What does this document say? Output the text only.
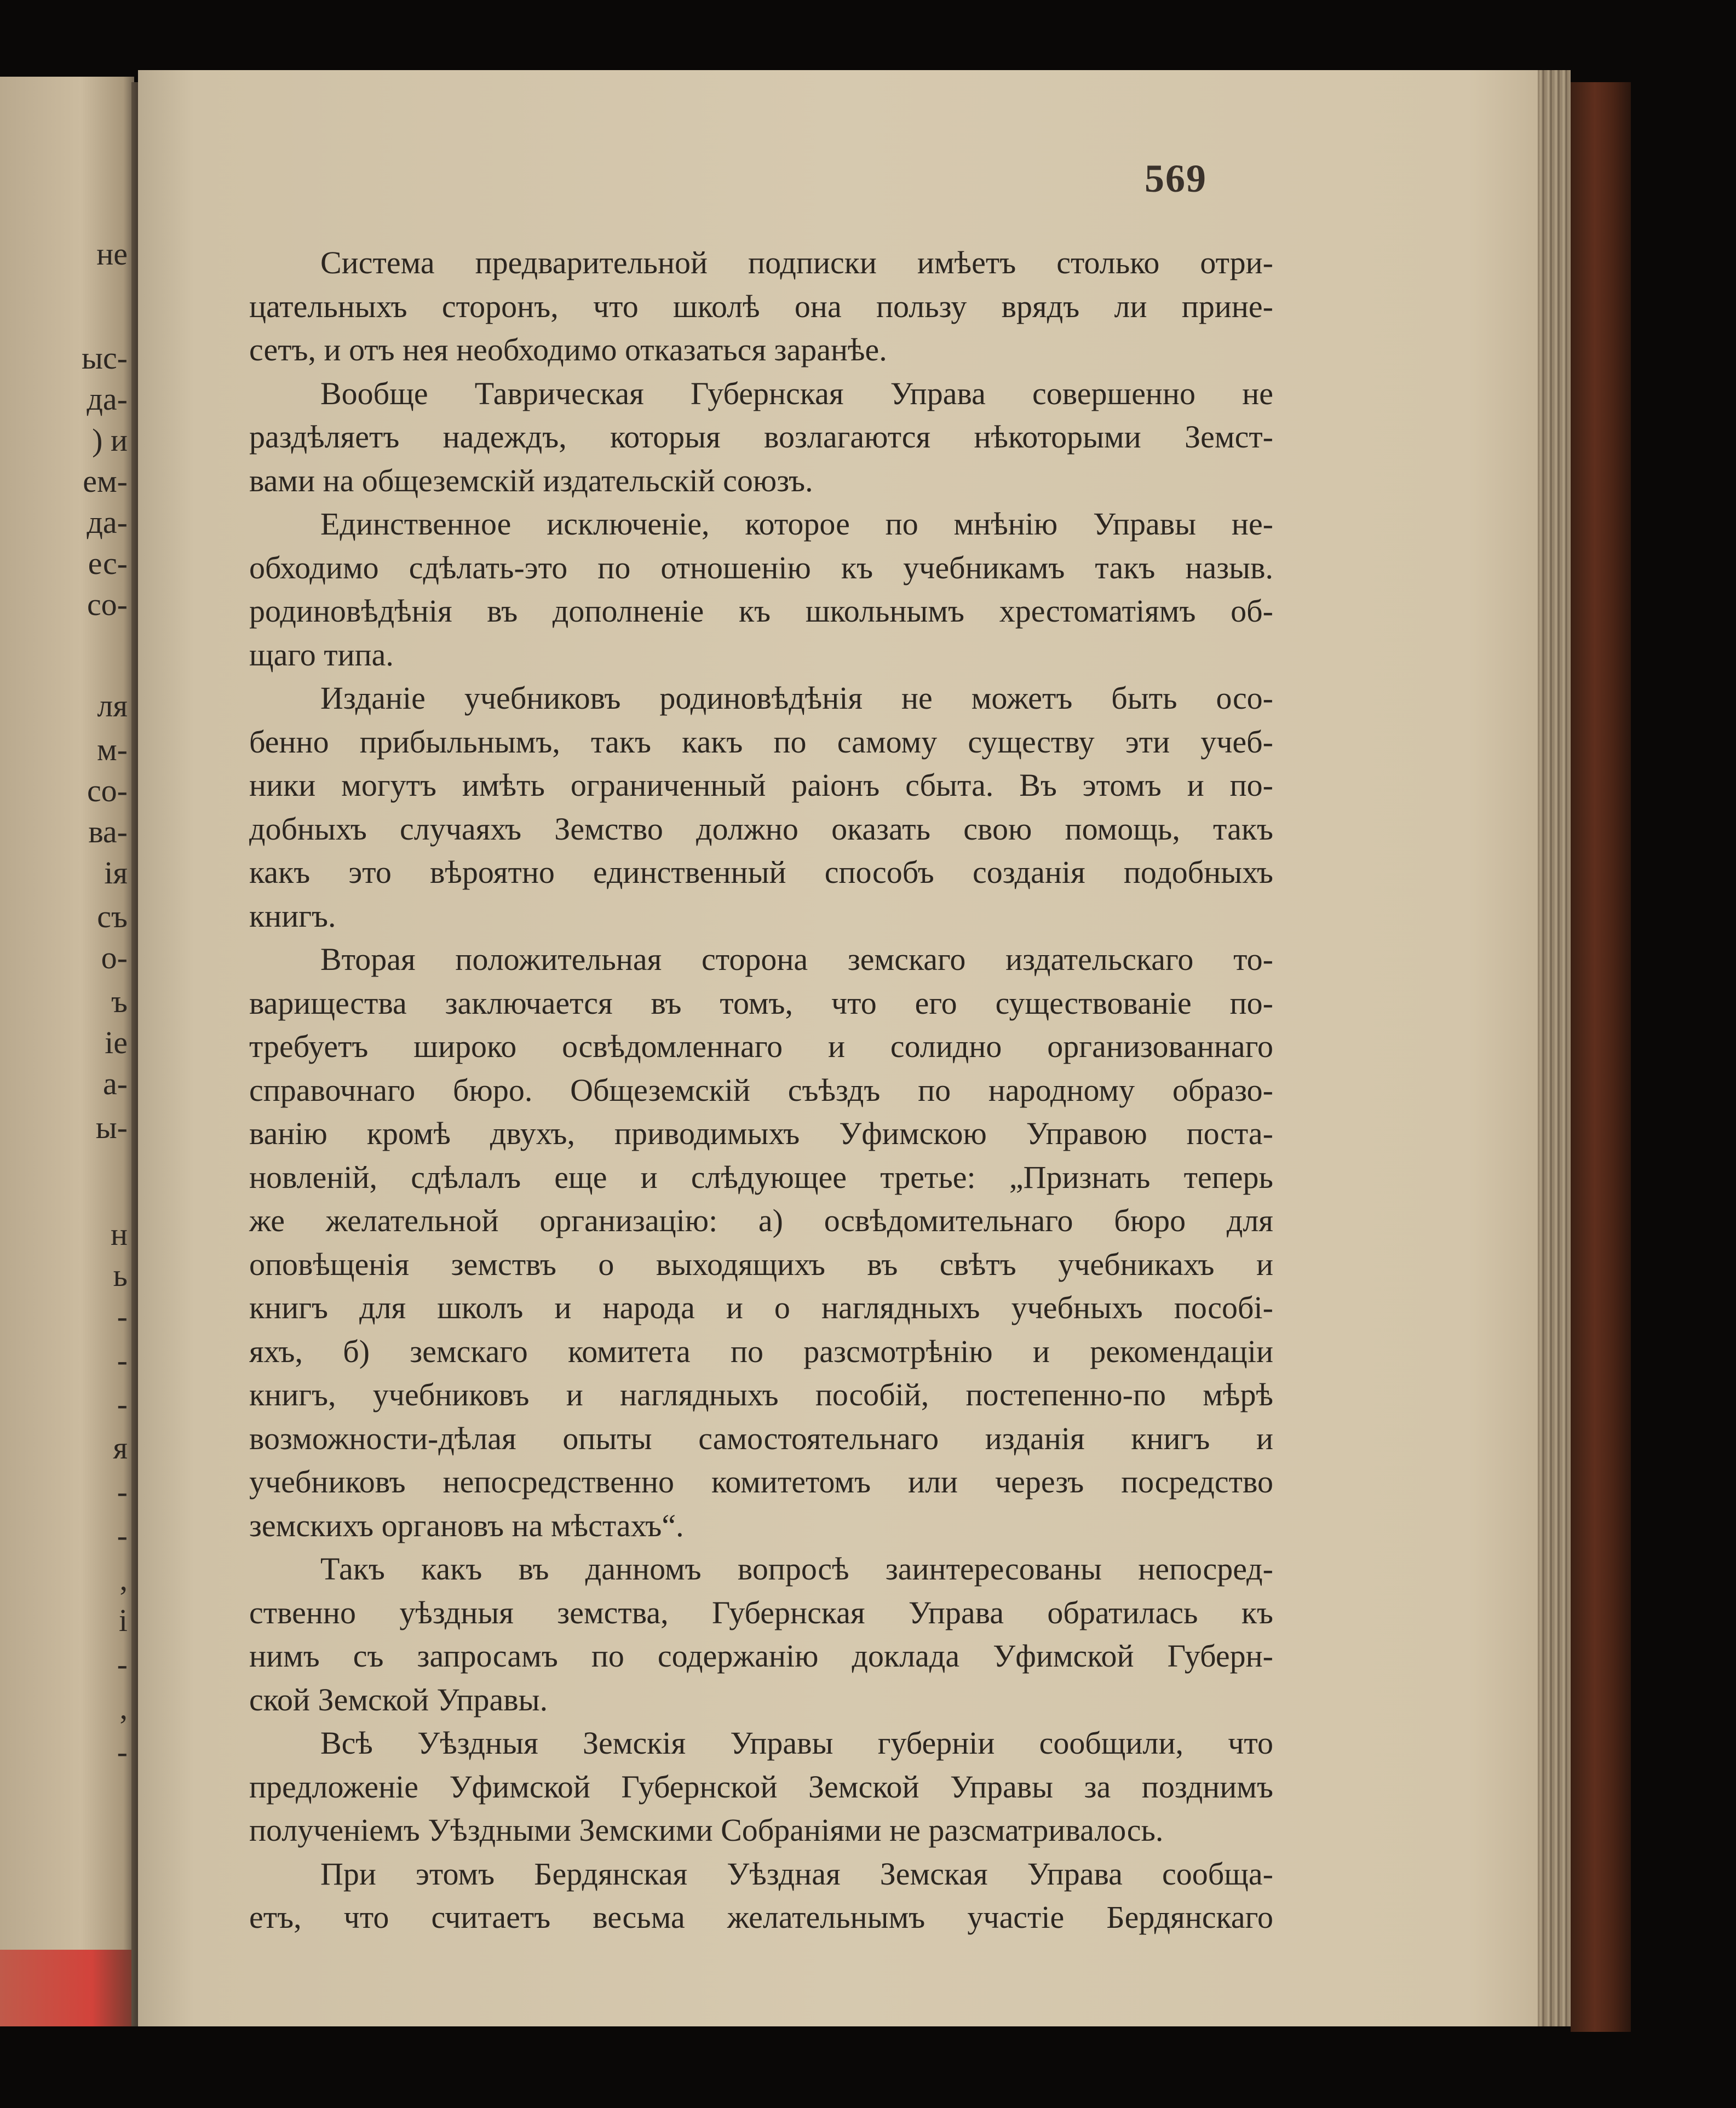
не
ыс-
да-
) и
ем-
да-
ес-
со-
ля
м-
со-
ва-
ія
съ
о-
ъ
іе
а-
ы-
н
ь
-
-
-
я
-
-
,
і
-
,
-
569
Система предварительной подписки имѣетъ столько отри-
цательныхъ сторонъ, что школѣ она пользу врядъ ли прине-
сетъ, и отъ нея необходимо отказаться заранѣе.
Вообще Таврическая Губернская Управа совершенно не
раздѣляетъ надеждъ, которыя возлагаются нѣкоторыми Земст-
вами на общеземскій издательскій союзъ.
Единственное исключеніе, которое по мнѣнію Управы не-
обходимо сдѣлать-это по отношенію къ учебникамъ такъ назыв.
родиновѣдѣнія въ дополненіе къ школьнымъ хрестоматіямъ об-
щаго типа.
Изданіе учебниковъ родиновѣдѣнія не можетъ быть осо-
бенно прибыльнымъ, такъ какъ по самому существу эти учеб-
ники могутъ имѣть ограниченный раіонъ сбыта. Въ этомъ и по-
добныхъ случаяхъ Земство должно оказать свою помощь, такъ
какъ это вѣроятно единственный способъ созданія подобныхъ
книгъ.
Вторая положительная сторона земскаго издательскаго то-
варищества заключается въ томъ, что его существованіе по-
требуетъ широко освѣдомленнаго и солидно организованнаго
справочнаго бюро. Общеземскій съѣздъ по народному образо-
ванію кромѣ двухъ, приводимыхъ Уфимскою Управою поста-
новленій, сдѣлалъ еще и слѣдующее третье: „Признать теперь
же желательной организацію: а) освѣдомительнаго бюро для
оповѣщенія земствъ о выходящихъ въ свѣтъ учебникахъ и
книгъ для школъ и народа и о наглядныхъ учебныхъ пособі-
яхъ, б) земскаго комитета по разсмотрѣнію и рекомендаціи
книгъ, учебниковъ и наглядныхъ пособій, постепенно-по мѣрѣ
возможности-дѣлая опыты самостоятельнаго изданія книгъ и
учебниковъ непосредственно комитетомъ или черезъ посредство
земскихъ органовъ на мѣстахъ“.
Такъ какъ въ данномъ вопросѣ заинтересованы непосред-
ственно уѣздныя земства, Губернская Управа обратилась къ
нимъ съ запросамъ по содержанію доклада Уфимской Губерн-
ской Земской Управы.
Всѣ Уѣздныя Земскія Управы губерніи сообщили, что
предложеніе Уфимской Губернской Земской Управы за позднимъ
полученіемъ Уѣздными Земскими Собраніями не разсматривалось.
При этомъ Бердянская Уѣздная Земская Управа сообща-
етъ, что считаетъ весьма желательнымъ участіе Бердянскаго
